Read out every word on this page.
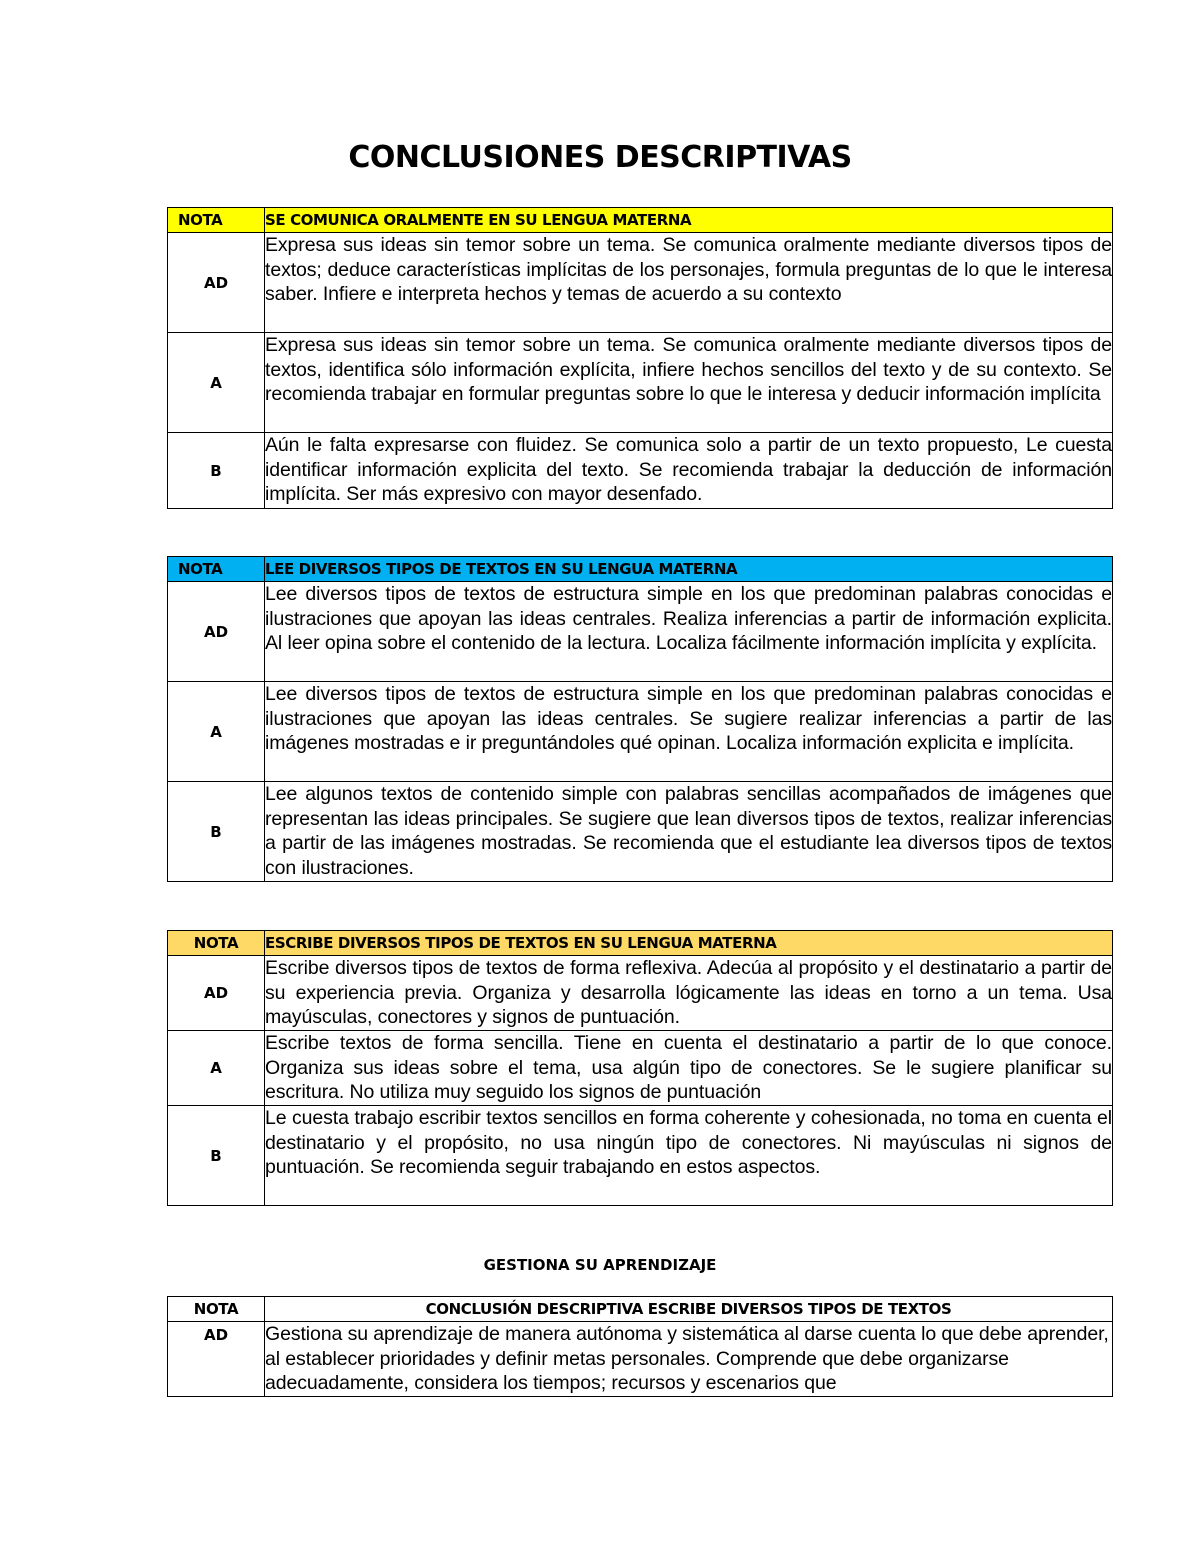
CONCLUSIONES DESCRIPTIVAS
NOTA	SE COMUNICA ORALMENTE EN SU LENGUA MATERNA
AD	Expresa sus ideas sin temor sobre un tema. Se comunica oralmente mediante diversos tipos de textos; deduce características implícitas de los personajes, formula preguntas de lo que le interesa saber. Infiere e interpreta hechos y temas de acuerdo a su contexto
A	Expresa sus ideas sin temor sobre un tema. Se comunica oralmente mediante diversos tipos de textos, identifica sólo información explícita, infiere hechos sencillos del texto y de su contexto. Se recomienda trabajar en formular preguntas sobre lo que le interesa y deducir información implícita
B	Aún le falta expresarse con fluidez. Se comunica solo a partir de un texto propuesto, Le cuesta identificar información explicita del texto. Se recomienda trabajar la deducción de información implícita. Ser más expresivo con mayor desenfado.
NOTA	LEE DIVERSOS TIPOS DE TEXTOS EN SU LENGUA MATERNA
AD	Lee diversos tipos de textos de estructura simple en los que predominan palabras conocidas e ilustraciones que apoyan las ideas centrales. Realiza inferencias a partir de información explicita. Al leer opina sobre el contenido de la lectura. Localiza fácilmente información implícita y explícita.
A	Lee diversos tipos de textos de estructura simple en los que predominan palabras conocidas e ilustraciones que apoyan las ideas centrales. Se sugiere realizar inferencias a partir de las imágenes mostradas e ir preguntándoles qué opinan. Localiza información explicita e implícita.
B	Lee algunos textos de contenido simple con palabras sencillas acompañados de imágenes que representan las ideas principales. Se sugiere que lean diversos tipos de textos, realizar inferencias a partir de las imágenes mostradas. Se recomienda que el estudiante lea diversos tipos de textos con ilustraciones.
NOTA	ESCRIBE DIVERSOS TIPOS DE TEXTOS EN SU LENGUA MATERNA
AD	Escribe diversos tipos de textos de forma reflexiva. Adecúa al propósito y el destinatario a partir de su experiencia previa. Organiza y desarrolla lógicamente las ideas en torno a un tema. Usa mayúsculas, conectores y signos de puntuación.
A	Escribe textos de forma sencilla. Tiene en cuenta el destinatario a partir de lo que conoce. Organiza sus ideas sobre el tema, usa algún tipo de conectores. Se le sugiere planificar su escritura. No utiliza muy seguido los signos de puntuación
B	Le cuesta trabajo escribir textos sencillos en forma coherente y cohesionada, no toma en cuenta el destinatario y el propósito, no usa ningún tipo de conectores. Ni mayúsculas ni signos de puntuación. Se recomienda seguir trabajando en estos aspectos.
GESTIONA SU APRENDIZAJE
NOTA	CONCLUSIÓN DESCRIPTIVA ESCRIBE DIVERSOS TIPOS DE TEXTOS
AD	Gestiona su aprendizaje de manera autónoma y sistemática al darse cuenta lo que debe aprender, al establecer prioridades y definir metas personales. Comprende que debe organizarse adecuadamente, considera los tiempos; recursos y escenarios que
